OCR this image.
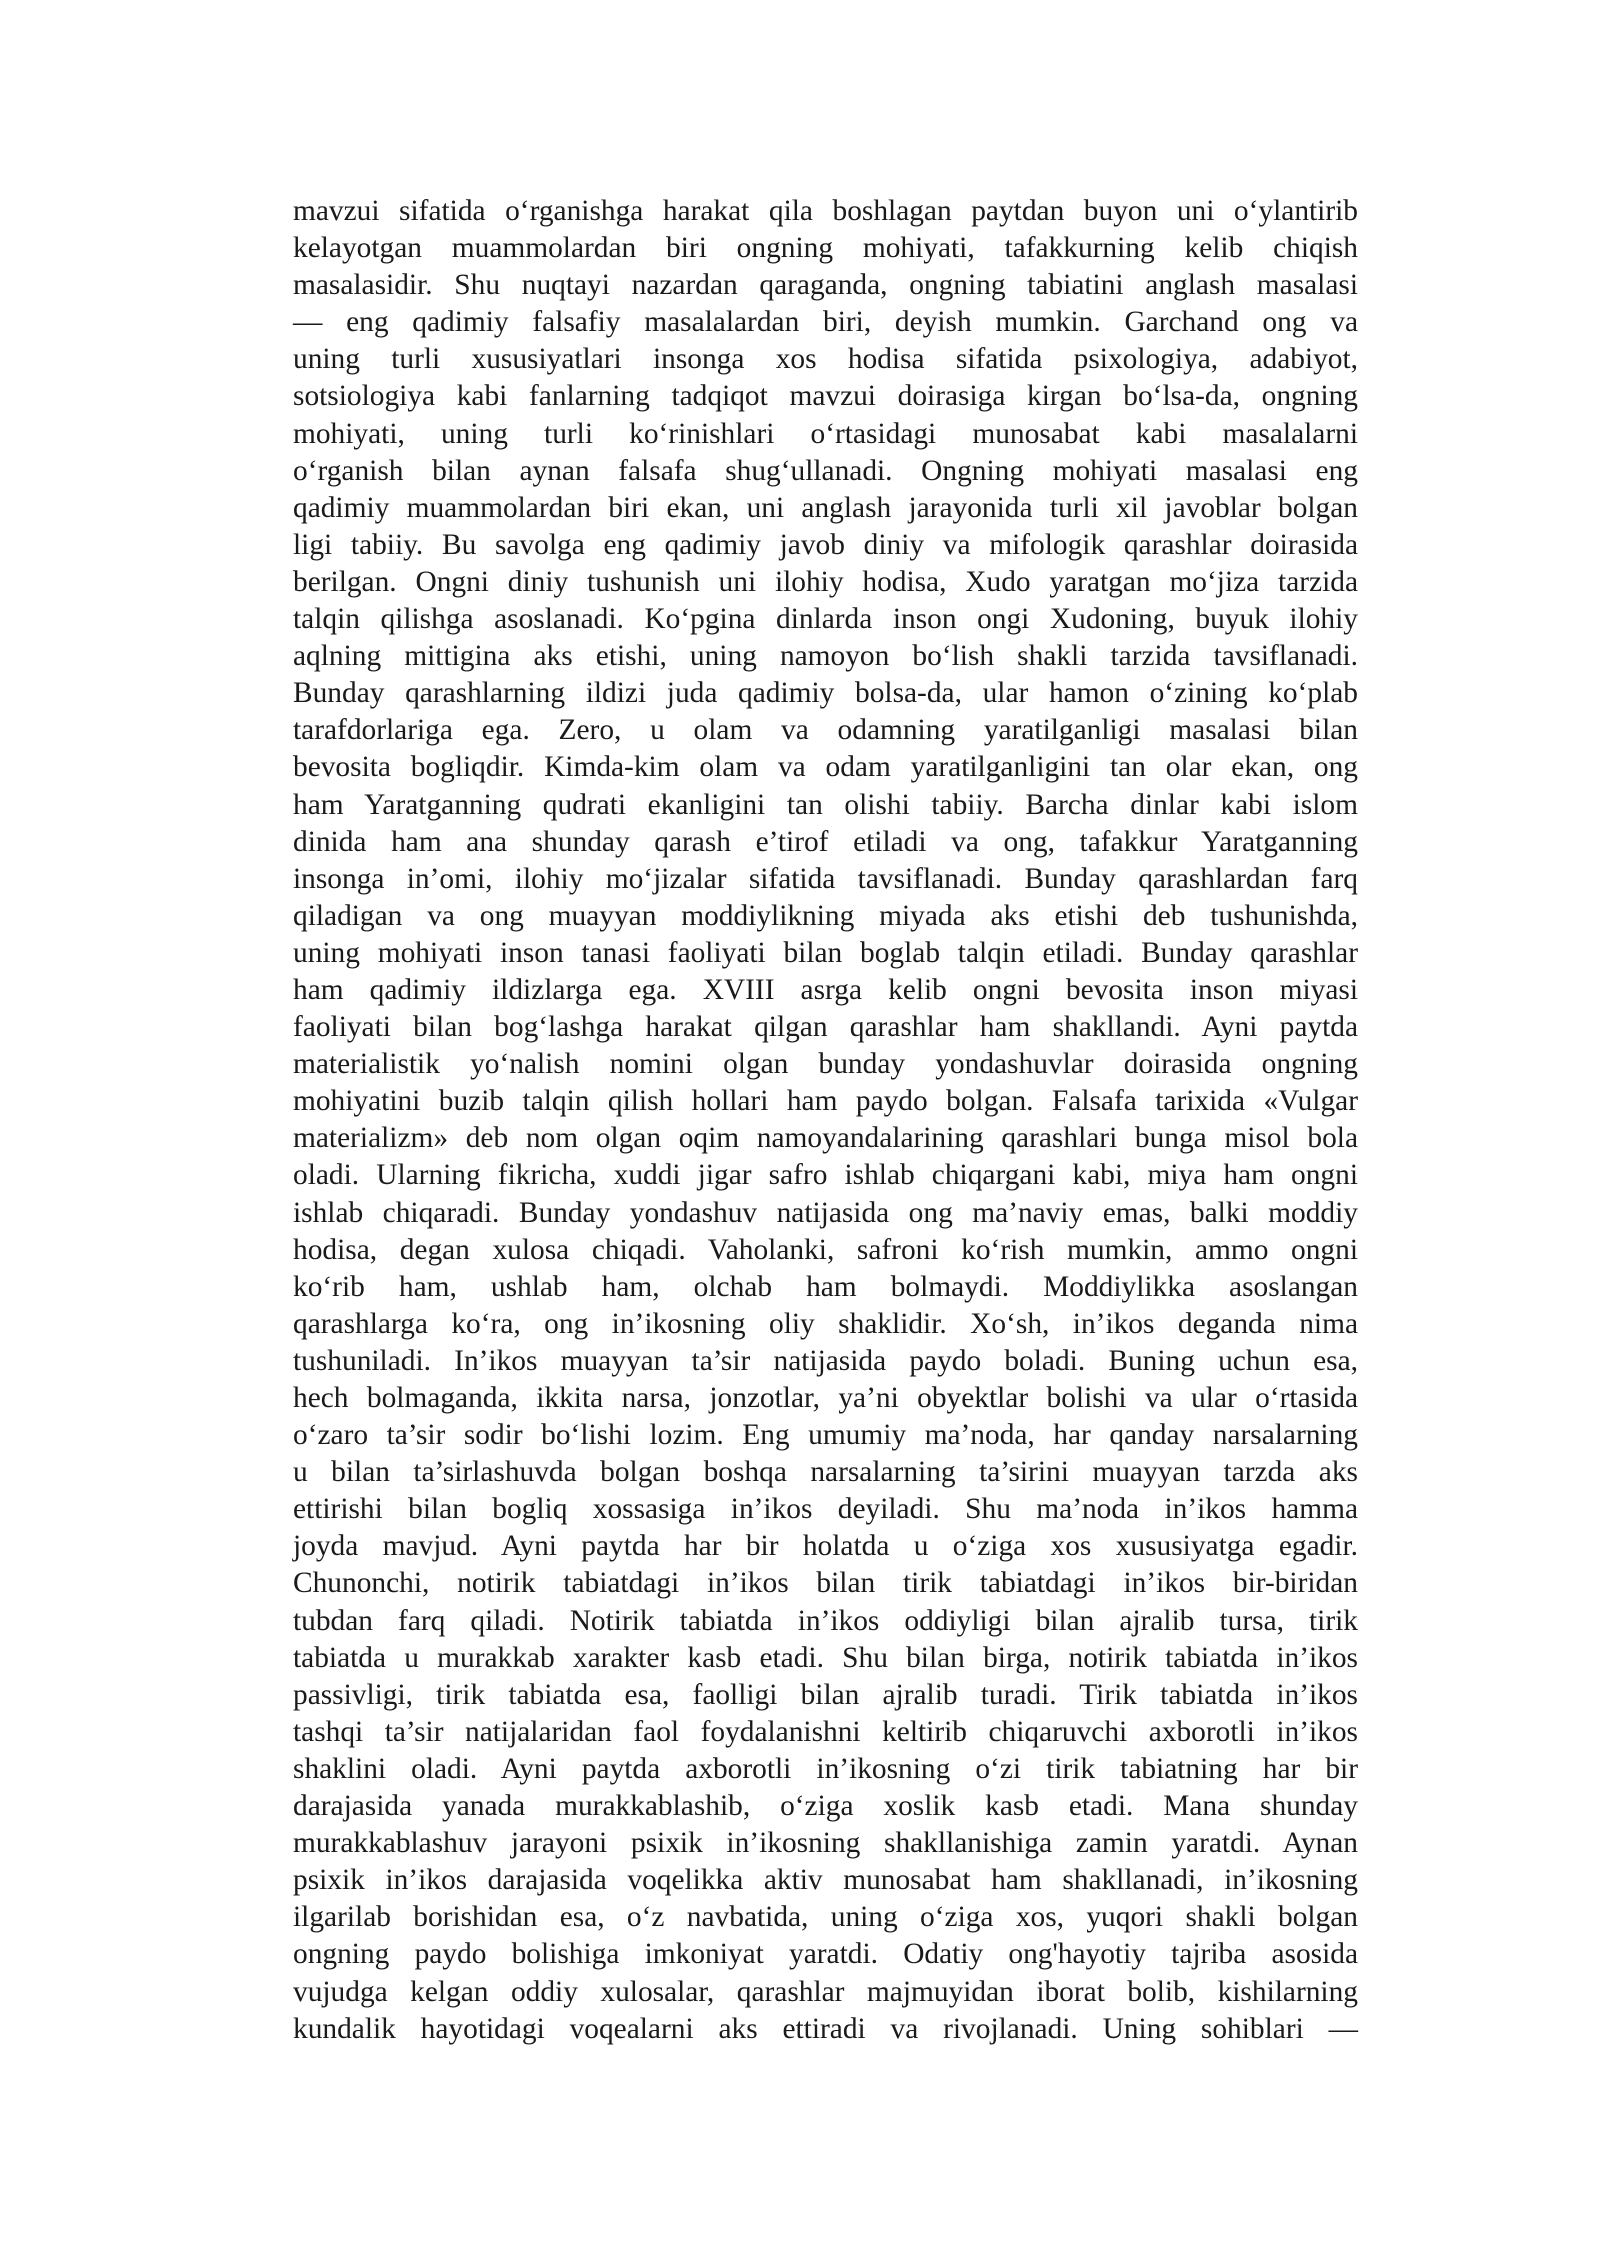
mavzui sifatida o‘rganishga harakat qila boshlagan paytdan buyon uni o‘ylantirib
kelayotgan muammolardan biri ongning mohiyati, tafakkurning kelib chiqish
masalasidir. Shu nuqtayi nazardan qaraganda, ongning tabiatini anglash masalasi
— eng qadimiy falsafiy masalalardan biri, deyish mumkin. Garchand ong va
uning turli xususiyatlari insonga xos hodisa sifatida psixologiya, adabiyot,
sotsiologiya kabi fanlarning tadqiqot mavzui doirasiga kirgan bo‘lsa-da, ongning
mohiyati, uning turli ko‘rinishlari o‘rtasidagi munosabat kabi masalalarni
o‘rganish bilan aynan falsafa shug‘ullanadi. Ongning mohiyati masalasi eng
qadimiy muammolardan biri ekan, uni anglash jarayonida turli xil javoblar bolgan
ligi tabiiy. Bu savolga eng qadimiy javob diniy va mifologik qarashlar doirasida
berilgan. Ongni diniy tushunish uni ilohiy hodisa, Xudo yaratgan mo‘jiza tarzida
talqin qilishga asoslanadi. Ko‘pgina dinlarda inson ongi Xudoning, buyuk ilohiy
aqlning mittigina aks etishi, uning namoyon bo‘lish shakli tarzida tavsiflanadi.
Bunday qarashlarning ildizi juda qadimiy bolsa-da, ular hamon o‘zining ko‘plab
tarafdorlariga ega. Zero, u olam va odamning yaratilganligi masalasi bilan
bevosita bogliqdir. Kimda-kim olam va odam yaratilganligini tan olar ekan, ong
ham Yaratganning qudrati ekanligini tan olishi tabiiy. Barcha dinlar kabi islom
dinida ham ana shunday qarash e’tirof etiladi va ong, tafakkur Yaratganning
insonga in’omi, ilohiy mo‘jizalar sifatida tavsiflanadi. Bunday qarashlardan farq
qiladigan va ong muayyan moddiylikning miyada aks etishi deb tushunishda,
uning mohiyati inson tanasi faoliyati bilan boglab talqin etiladi. Bunday qarashlar
ham qadimiy ildizlarga ega. XVIII asrga kelib ongni bevosita inson miyasi
faoliyati bilan bog‘lashga harakat qilgan qarashlar ham shakllandi. Ayni paytda
materialistik yo‘nalish nomini olgan bunday yondashuvlar doirasida ongning
mohiyatini buzib talqin qilish hollari ham paydo bolgan. Falsafa tarixida «Vulgar
materializm» deb nom olgan oqim namoyandalarining qarashlari bunga misol bola
oladi. Ularning fikricha, xuddi jigar safro ishlab chiqargani kabi, miya ham ongni
ishlab chiqaradi. Bunday yondashuv natijasida ong ma’naviy emas, balki moddiy
hodisa, degan xulosa chiqadi. Vaholanki, safroni ko‘rish mumkin, ammo ongni
ko‘rib ham, ushlab ham, olchab ham bolmaydi. Moddiylikka asoslangan
qarashlarga ko‘ra, ong in’ikosning oliy shaklidir. Xo‘sh, in’ikos deganda nima
tushuniladi. In’ikos muayyan ta’sir natijasida paydo boladi. Buning uchun esa,
hech bolmaganda, ikkita narsa, jonzotlar, ya’ni obyektlar bolishi va ular o‘rtasida
o‘zaro ta’sir sodir bo‘lishi lozim. Eng umumiy ma’noda, har qanday narsalarning
u bilan ta’sirlashuvda bolgan boshqa narsalarning ta’sirini muayyan tarzda aks
ettirishi bilan bogliq xossasiga in’ikos deyiladi. Shu ma’noda in’ikos hamma
joyda mavjud. Ayni paytda har bir holatda u o‘ziga xos xususiyatga egadir.
Chunonchi, notirik tabiatdagi in’ikos bilan tirik tabiatdagi in’ikos bir-biridan
tubdan farq qiladi. Notirik tabiatda in’ikos oddiyligi bilan ajralib tursa, tirik
tabiatda u murakkab xarakter kasb etadi. Shu bilan birga, notirik tabiatda in’ikos
passivligi, tirik tabiatda esa, faolligi bilan ajralib turadi. Tirik tabiatda in’ikos
tashqi ta’sir natijalaridan faol foydalanishni keltirib chiqaruvchi axborotli in’ikos
shaklini oladi. Ayni paytda axborotli in’ikosning o‘zi tirik tabiatning har bir
darajasida yanada murakkablashib, o‘ziga xoslik kasb etadi. Mana shunday
murakkablashuv jarayoni psixik in’ikosning shakllanishiga zamin yaratdi. Aynan
psixik in’ikos darajasida voqelikka aktiv munosabat ham shakllanadi, in’ikosning
ilgarilab borishidan esa, o‘z navbatida, uning o‘ziga xos, yuqori shakli bolgan
ongning paydo bolishiga imkoniyat yaratdi. Odatiy ong'hayotiy tajriba asosida
vujudga kelgan oddiy xulosalar, qarashlar majmuyidan iborat bolib, kishilarning
kundalik hayotidagi voqealarni aks ettiradi va rivojlanadi. Uning sohiblari —
